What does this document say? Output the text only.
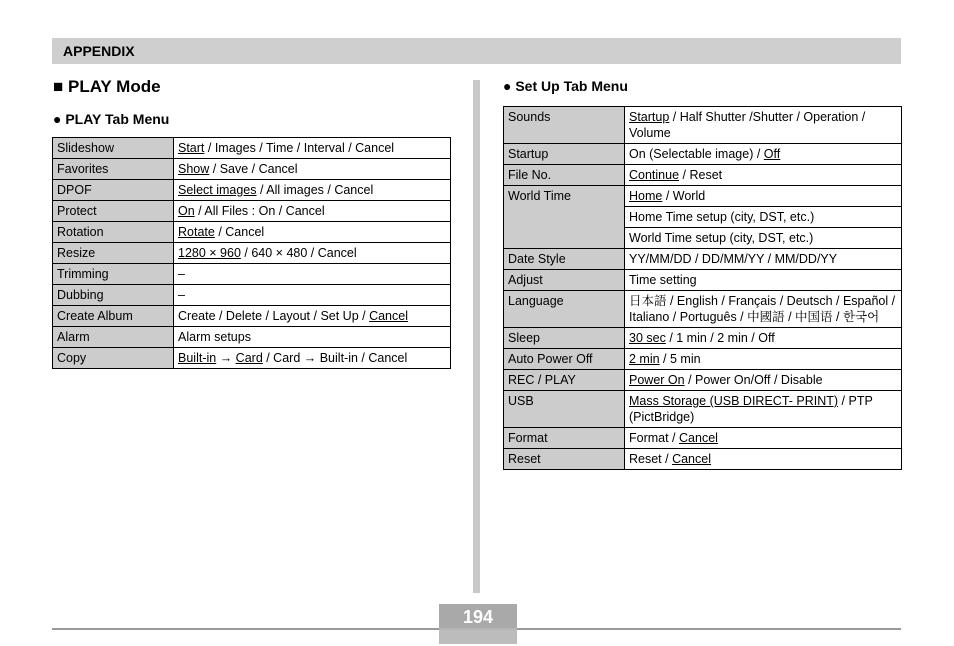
APPENDIX
■ PLAY Mode
● PLAY Tab Menu
Slideshow	Start / Images / Time / Interval / Cancel
Favorites	Show / Save / Cancel
DPOF	Select images / All images / Cancel
Protect	On / All Files : On / Cancel
Rotation	Rotate / Cancel
Resize	1280 × 960 / 640 × 480 / Cancel
Trimming	–
Dubbing	–
Create Album	Create / Delete / Layout / Set Up / Cancel
Alarm	Alarm setups
Copy	Built-in → Card / Card → Built-in / Cancel
● Set Up Tab Menu
Sounds	Startup / Half Shutter /Shutter / Operation / Volume
Startup	On (Selectable image) / Off
File No.	Continue / Reset
World Time	Home / World
	Home Time setup (city, DST, etc.)
	World Time setup (city, DST, etc.)
Date Style	YY/MM/DD / DD/MM/YY / MM/DD/YY
Adjust	Time setting
Language	日本語 / English / Français / Deutsch / Español / Italiano / Português / 中國語 / 中国语 / 한국어
Sleep	30 sec / 1 min / 2 min / Off
Auto Power Off	2 min / 5 min
REC / PLAY	Power On / Power On/Off / Disable
USB	Mass Storage (USB DIRECT- PRINT) / PTP (PictBridge)
Format	Format / Cancel
Reset	Reset / Cancel
194
